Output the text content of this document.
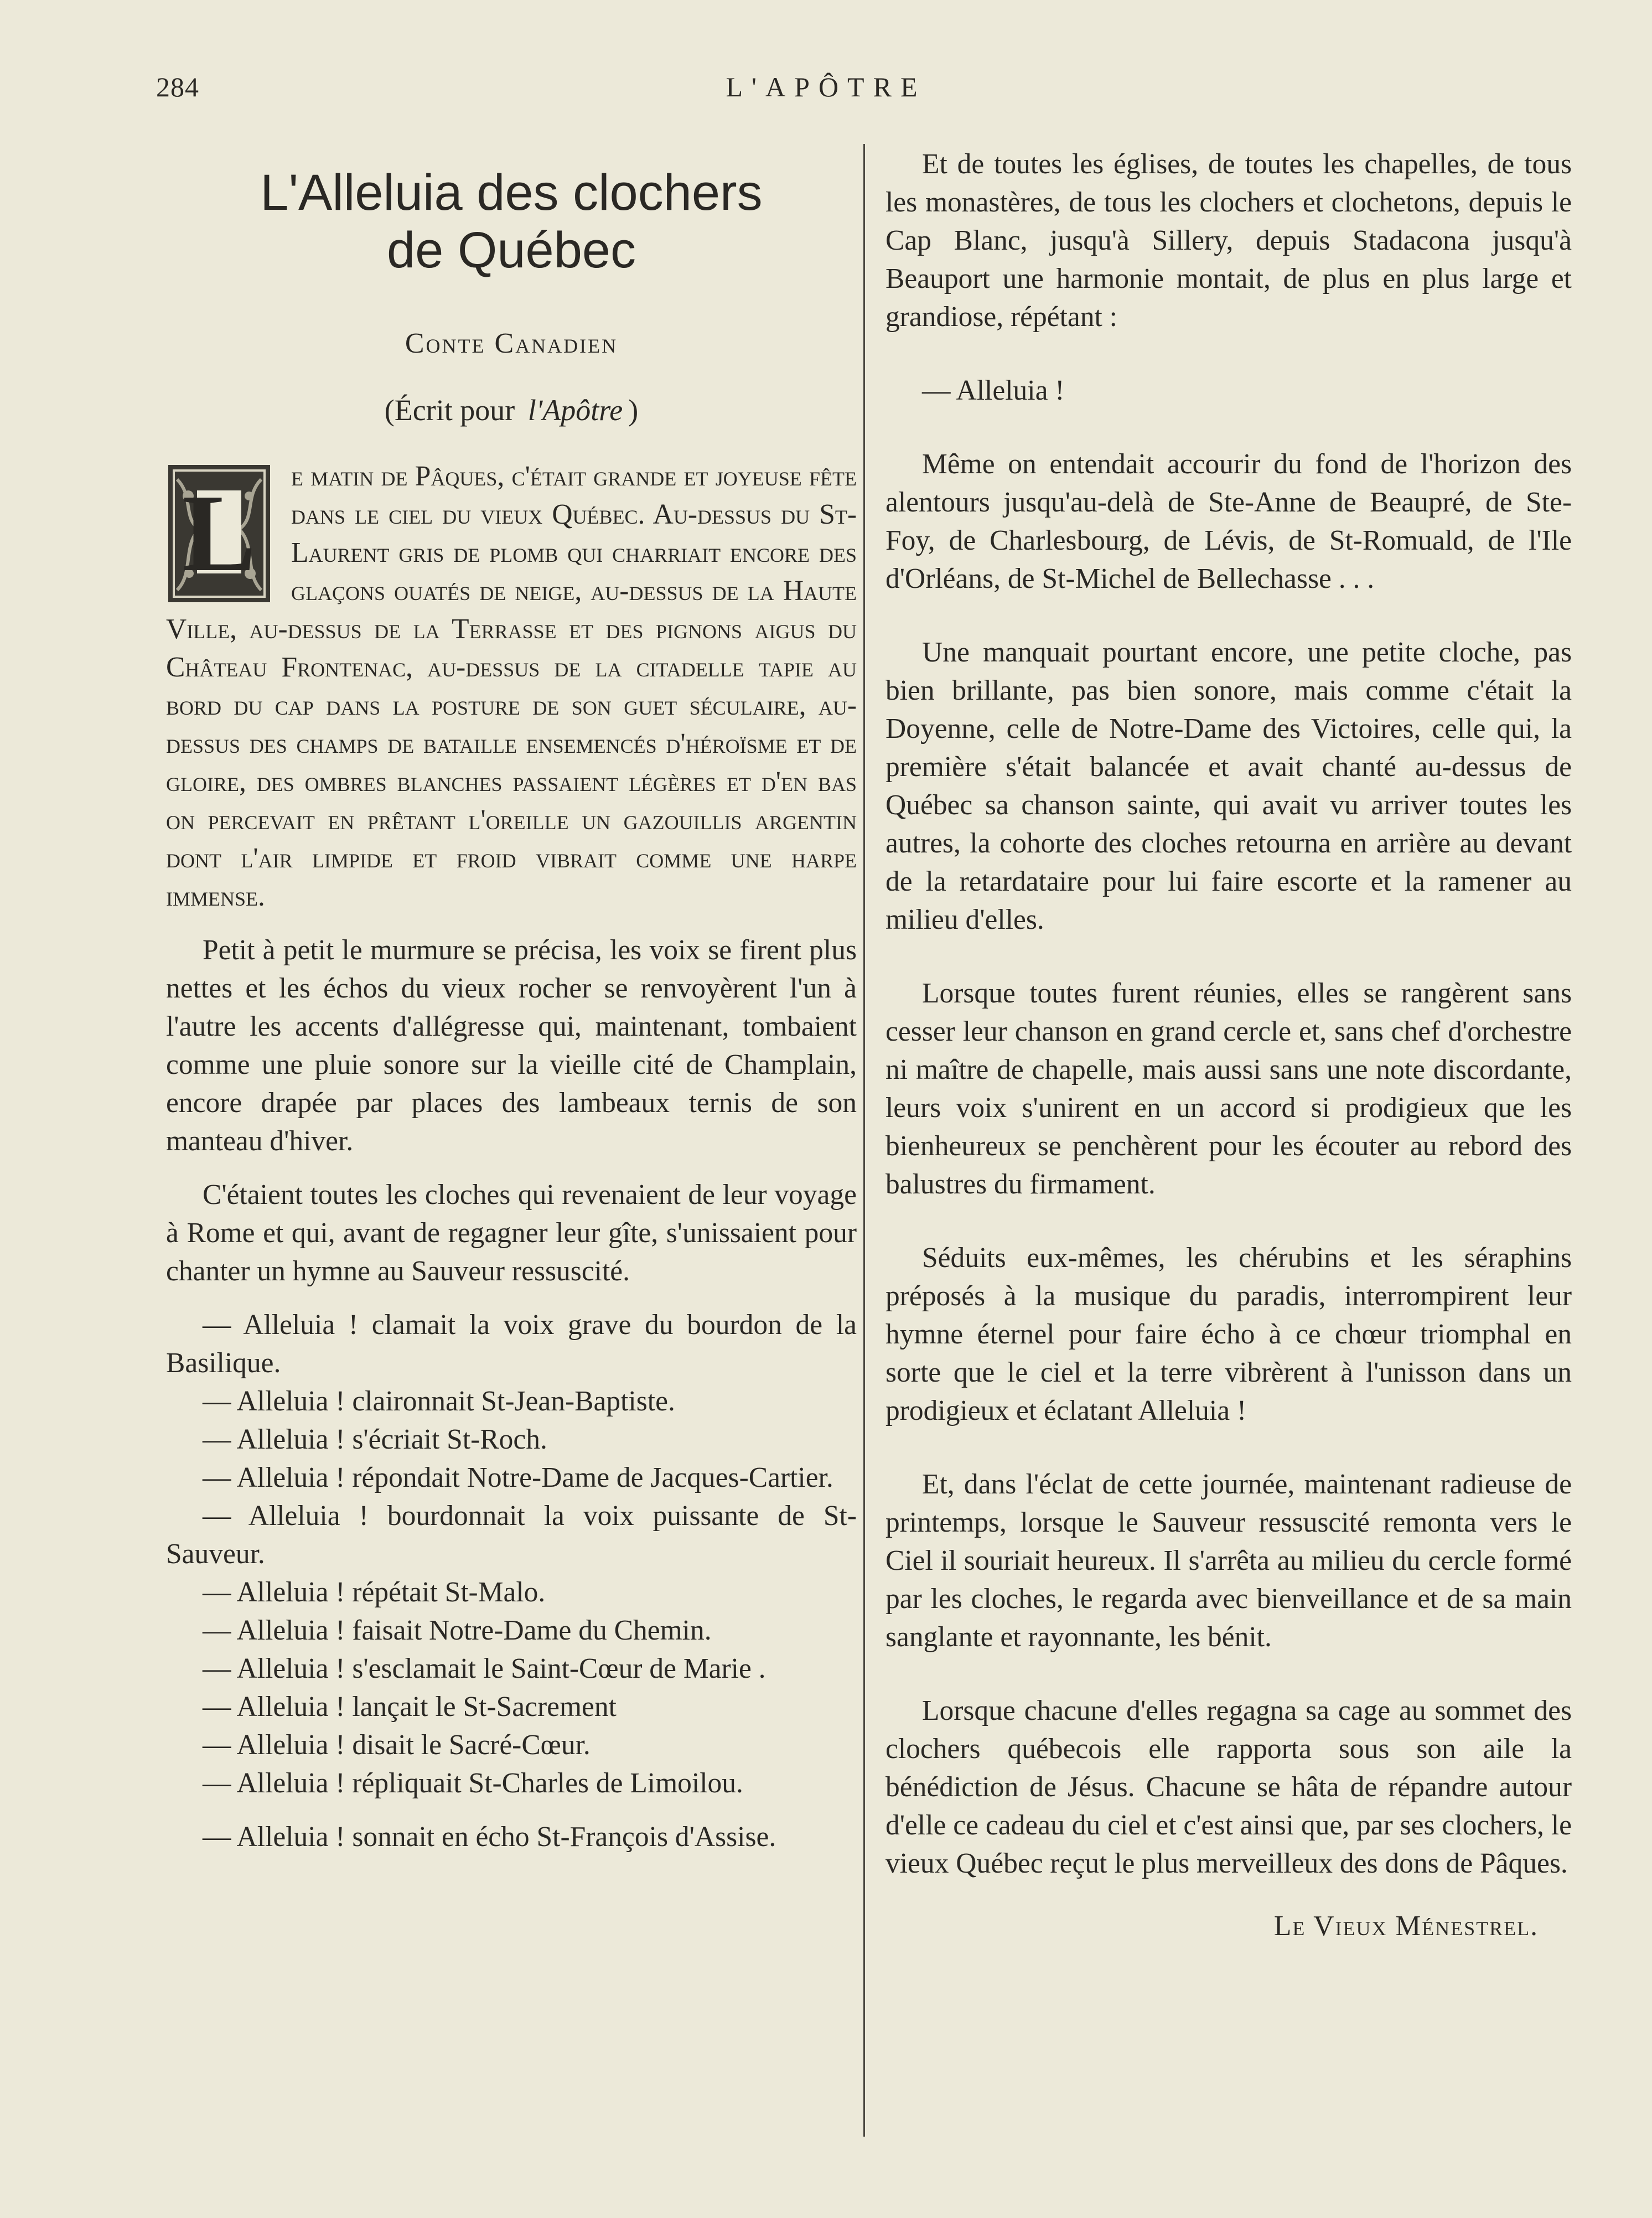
284	L'APÔTRE
L'Alleluia des clochers
de Québec
Conte Canadien
(Écrit pour l'Apôtre )

L	e matin de Pâques, c'était grande et joyeuse fête dans le ciel du vieux Québec. Au-dessus du St-Laurent gris de plomb qui charriait encore des glaçons ouatés de neige, au-dessus de la Haute Ville, au-dessus de la Terrasse et des pignons aigus du Château Frontenac, au-dessus de la citadelle tapie au bord du cap dans la posture de son guet séculaire, au-dessus des champs de bataille ensemencés d'héroïsme et de gloire, des ombres blanches passaient légères et d'en bas on percevait en prêtant l'oreille un gazouillis argentin dont l'air limpide et froid vibrait comme une harpe immense.

Petit à petit le murmure se précisa, les voix se firent plus nettes et les échos du vieux rocher se renvoyèrent l'un à l'autre les accents d'allégresse qui, maintenant, tombaient comme une pluie sonore sur la vieille cité de Champlain, encore drapée par places des lambeaux ternis de son manteau d'hiver.

C'étaient toutes les cloches qui revenaient de leur voyage à Rome et qui, avant de regagner leur gîte, s'unissaient pour chanter un hymne au Sauveur ressuscité.

— Alleluia ! clamait la voix grave du bourdon de la Basilique.

— Alleluia ! claironnait St-Jean-Baptiste.

— Alleluia ! s'écriait St-Roch.

— Alleluia ! répondait Notre-Dame de Jacques-Cartier.

— Alleluia ! bourdonnait la voix puissante de St-Sauveur.

— Alleluia ! répétait St-Malo.

— Alleluia ! faisait Notre-Dame du Chemin.

— Alleluia ! s'esclamait le Saint-Cœur de Marie .

— Alleluia ! lançait le St-Sacrement

— Alleluia ! disait le Sacré-Cœur.

— Alleluia ! répliquait St-Charles de Limoilou.

— Alleluia ! sonnait en écho St-François d'Assise.

Et de toutes les églises, de toutes les chapelles, de tous les monastères, de tous les clochers et clochetons, depuis le Cap Blanc, jusqu'à Sillery, depuis Stadacona jusqu'à Beauport une harmonie montait, de plus en plus large et grandiose, répétant :

— Alleluia !

Même on entendait accourir du fond de l'horizon des alentours jusqu'au-delà de Ste-Anne de Beaupré, de Ste-Foy, de Charlesbourg, de Lévis, de St-Romuald, de l'Ile d'Orléans, de St-Michel de Bellechasse . . .

Une manquait pourtant encore, une petite cloche, pas bien brillante, pas bien sonore, mais comme c'était la Doyenne, celle de Notre-Dame des Victoires, celle qui, la première s'était balancée et avait chanté au-dessus de Québec sa chanson sainte, qui avait vu arriver toutes les autres, la cohorte des cloches retourna en arrière au devant de la retardataire pour lui faire escorte et la ramener au milieu d'elles.

Lorsque toutes furent réunies, elles se rangèrent sans cesser leur chanson en grand cercle et, sans chef d'orchestre ni maître de chapelle, mais aussi sans une note discordante, leurs voix s'unirent en un accord si prodigieux que les bienheureux se penchèrent pour les écouter au rebord des balustres du firmament.

Séduits eux-mêmes, les chérubins et les séraphins préposés à la musique du paradis, interrompirent leur hymne éternel pour faire écho à ce chœur triomphal en sorte que le ciel et la terre vibrèrent à l'unisson dans un prodigieux et éclatant Alleluia !

Et, dans l'éclat de cette journée, maintenant radieuse de printemps, lorsque le Sauveur ressuscité remonta vers le Ciel il souriait heureux. Il s'arrêta au milieu du cercle formé par les cloches, le regarda avec bienveillance et de sa main sanglante et rayonnante, les bénit.

Lorsque chacune d'elles regagna sa cage au sommet des clochers québecois elle rapporta sous son aile la bénédiction de Jésus. Chacune se hâta de répandre autour d'elle ce cadeau du ciel et c'est ainsi que, par ses clochers, le vieux Québec reçut le plus merveilleux des dons de Pâques.

Le Vieux Ménestrel.
